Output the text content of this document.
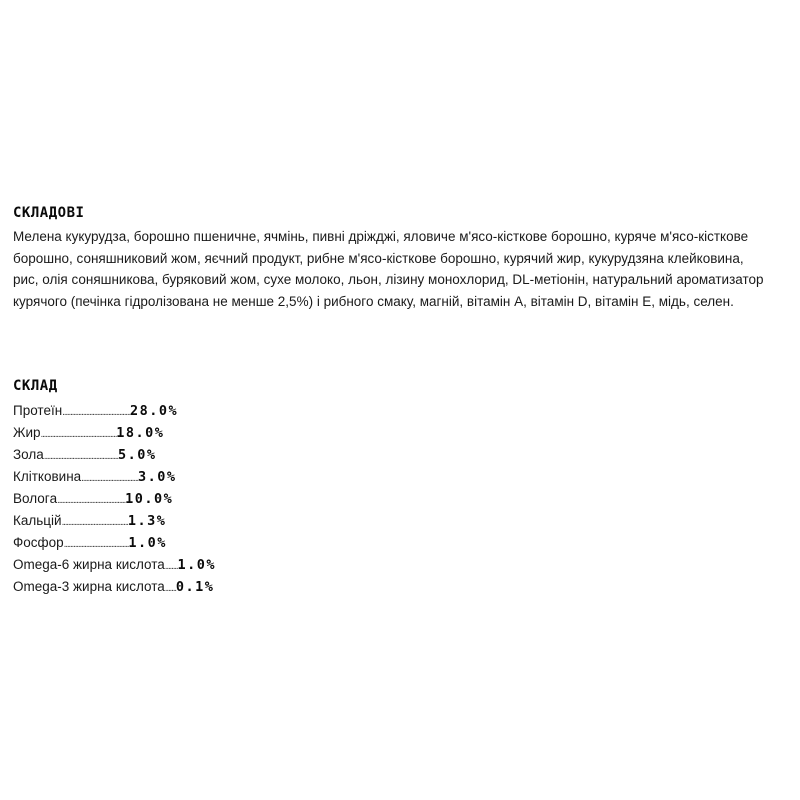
СКЛАДОВІ

Мелена кукурудза, борошно пшеничне, ячмінь, пивні дріжджі, яловиче м'ясо-кісткове борошно, куряче м'ясо-кісткове борошно, соняшниковий жом, яєчний продукт, рибне м'ясо-кісткове борошно, курячий жир, кукурудзяна клейковина, рис, олія соняшникова, буряковий жом, сухе молоко, льон, лізину монохлорид, DL-метіонін, натуральний ароматизатор курячого (печінка гідролізована не менше 2,5%) і рибного смаку, магній, вітамін А, вітамін D, вітамін Е, мідь, селен.

СКЛАД
Протеїн...........................................28.0%
Жир................................................18.0%
Зола...............................................5.0%
Клітковина....................................3.0%
Вологa...........................................10.0%
Кальцій..........................................1.3%
Фосфор.........................................1.0%
Omega-6 жирна кислота........1.0%
Omega-3 жирна кислота.......0.1%
